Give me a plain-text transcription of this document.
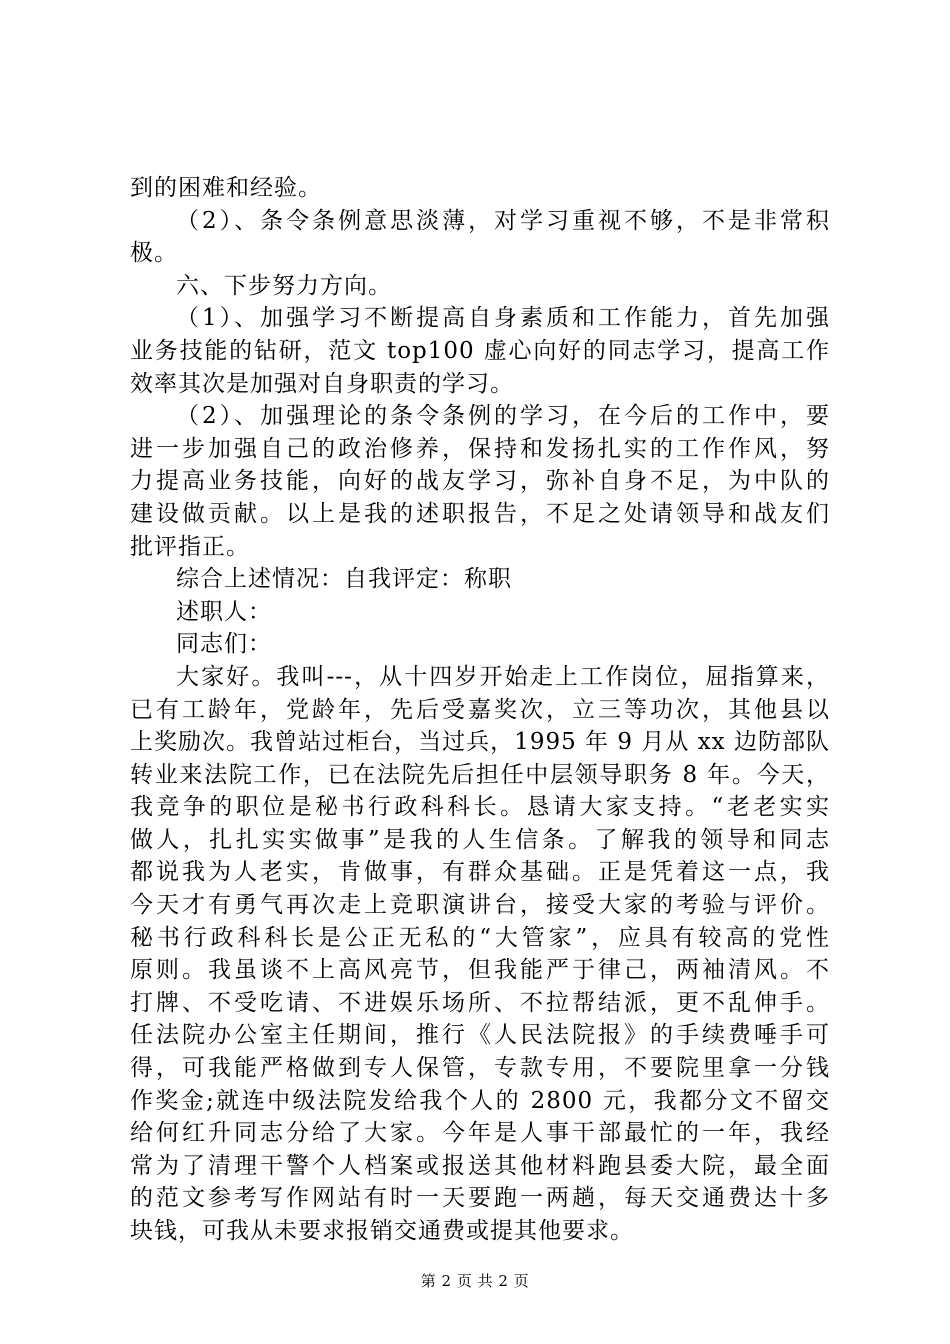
到的困难和经验。
（2）、条令条例意思淡薄，对学习重视不够，不是非常积
极。
六、下步努力方向。
（1）、加强学习不断提高自身素质和工作能力，首先加强
业务技能的钻研，范文 top100 虚心向好的同志学习，提高工作
效率其次是加强对自身职责的学习。
（2）、加强理论的条令条例的学习，在今后的工作中，要
进一步加强自己的政治修养，保持和发扬扎实的工作作风，努
力提高业务技能，向好的战友学习，弥补自身不足，为中队的
建设做贡献。以上是我的述职报告，不足之处请领导和战友们
批评指正。
综合上述情况：自我评定：称职
述职人：
同志们：
大家好。我叫---，从十四岁开始走上工作岗位，屈指算来，
已有工龄年，党龄年，先后受嘉奖次，立三等功次，其他县以
上奖励次。我曾站过柜台，当过兵，1995 年 9 月从 xx 边防部队
转业来法院工作，已在法院先后担任中层领导职务 8 年。今天，
我竞争的职位是秘书行政科科长。恳请大家支持。“老老实实
做人，扎扎实实做事”是我的人生信条。了解我的领导和同志
都说我为人老实，肯做事，有群众基础。正是凭着这一点，我
今天才有勇气再次走上竞职演讲台，接受大家的考验与评价。
秘书行政科科长是公正无私的“大管家”，应具有较高的党性
原则。我虽谈不上高风亮节，但我能严于律己，两袖清风。不
打牌、不受吃请、不进娱乐场所、不拉帮结派，更不乱伸手。
任法院办公室主任期间，推行《人民法院报》的手续费唾手可
得，可我能严格做到专人保管，专款专用，不要院里拿一分钱
作奖金;就连中级法院发给我个人的 2800 元，我都分文不留交
给何红升同志分给了大家。今年是人事干部最忙的一年，我经
常为了清理干警个人档案或报送其他材料跑县委大院，最全面
的范文参考写作网站有时一天要跑一两趟，每天交通费达十多
块钱，可我从未要求报销交通费或提其他要求。
第 2 页 共 2 页
